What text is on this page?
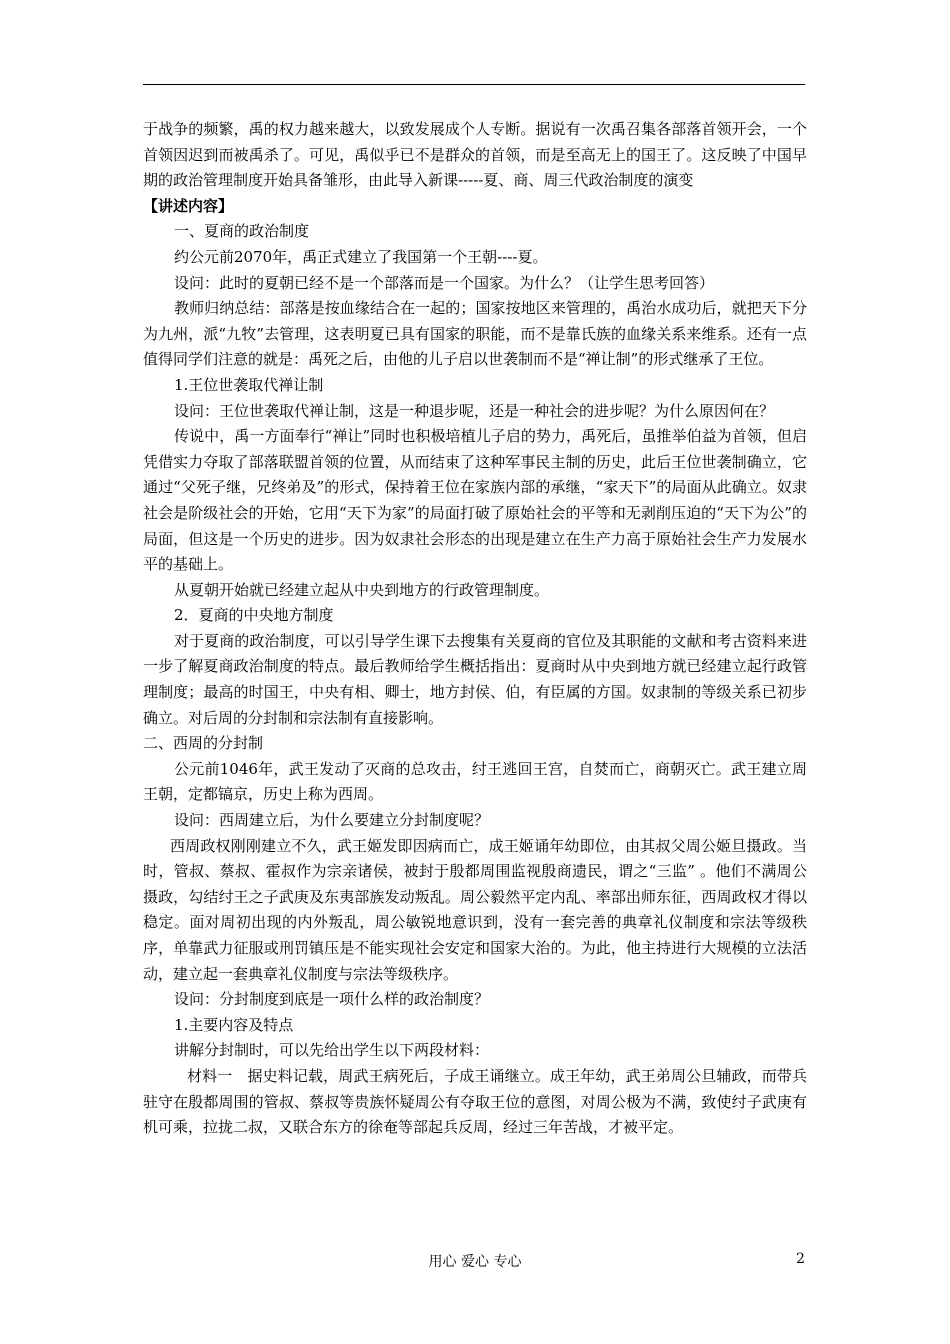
于战争的频繁，禹的权力越来越大，以致发展成个人专断。据说有一次禹召集各部落首领开会，一个首领因迟到而被禹杀了。可见，禹似乎已不是群众的首领，而是至高无上的国王了。这反映了中国早期的政治管理制度开始具备雏形，由此导入新课-----夏、商、周三代政治制度的演变

【讲述内容】

一、夏商的政治制度

约公元前2070年，禹正式建立了我国第一个王朝----夏。

设问：此时的夏朝已经不是一个部落而是一个国家。为什么？（让学生思考回答）

教师归纳总结：部落是按血缘结合在一起的；国家按地区来管理的，禹治水成功后，就把天下分为九州，派“九牧”去管理，这表明夏已具有国家的职能，而不是靠氏族的血缘关系来维系。还有一点值得同学们注意的就是：禹死之后，由他的儿子启以世袭制而不是“禅让制”的形式继承了王位。

1.王位世袭取代禅让制

设问：王位世袭取代禅让制，这是一种退步呢，还是一种社会的进步呢？为什么原因何在？

传说中，禹一方面奉行“禅让”同时也积极培植儿子启的势力，禹死后，虽推举伯益为首领，但启凭借实力夺取了部落联盟首领的位置，从而结束了这种军事民主制的历史，此后王位世袭制确立，它通过“父死子继，兄终弟及”的形式，保持着王位在家族内部的承继，“家天下”的局面从此确立。奴隶社会是阶级社会的开始，它用“天下为家”的局面打破了原始社会的平等和无剥削压迫的“天下为公”的局面，但这是一个历史的进步。因为奴隶社会形态的出现是建立在生产力高于原始社会生产力发展水平的基础上。

从夏朝开始就已经建立起从中央到地方的行政管理制度。

2．夏商的中央地方制度

对于夏商的政治制度，可以引导学生课下去搜集有关夏商的官位及其职能的文献和考古资料来进一步了解夏商政治制度的特点。最后教师给学生概括指出：夏商时从中央到地方就已经建立起行政管理制度；最高的时国王，中央有相、卿士，地方封侯、伯，有臣属的方国。奴隶制的等级关系已初步确立。对后周的分封制和宗法制有直接影响。

二、西周的分封制

公元前1046年，武王发动了灭商的总攻击，纣王逃回王宫，自焚而亡，商朝灭亡。武王建立周王朝，定都镐京，历史上称为西周。

设问：西周建立后，为什么要建立分封制度呢？

西周政权刚刚建立不久，武王姬发即因病而亡，成王姬诵年幼即位，由其叔父周公姬旦摄政。当时，管叔、蔡叔、霍叔作为宗亲诸侯，被封于殷都周围监视殷商遗民，谓之“三监” 。他们不满周公摄政，勾结纣王之子武庚及东夷部族发动叛乱。周公毅然平定内乱、率部出师东征，西周政权才得以稳定。面对周初出现的内外叛乱，周公敏锐地意识到，没有一套完善的典章礼仪制度和宗法等级秩序，单靠武力征服或刑罚镇压是不能实现社会安定和国家大治的。为此，他主持进行大规模的立法活动，建立起一套典章礼仪制度与宗法等级秩序。

设问：分封制度到底是一项什么样的政治制度？

1.主要内容及特点

讲解分封制时，可以先给出学生以下两段材料：

材料一　据史料记载，周武王病死后，子成王诵继立。成王年幼，武王弟周公旦辅政，而带兵驻守在殷都周围的管叔、蔡叔等贵族怀疑周公有夺取王位的意图，对周公极为不满，致使纣子武庚有机可乘，拉拢二叔，又联合东方的徐奄等部起兵反周，经过三年苦战，才被平定。

用心 爱心 专心	2
